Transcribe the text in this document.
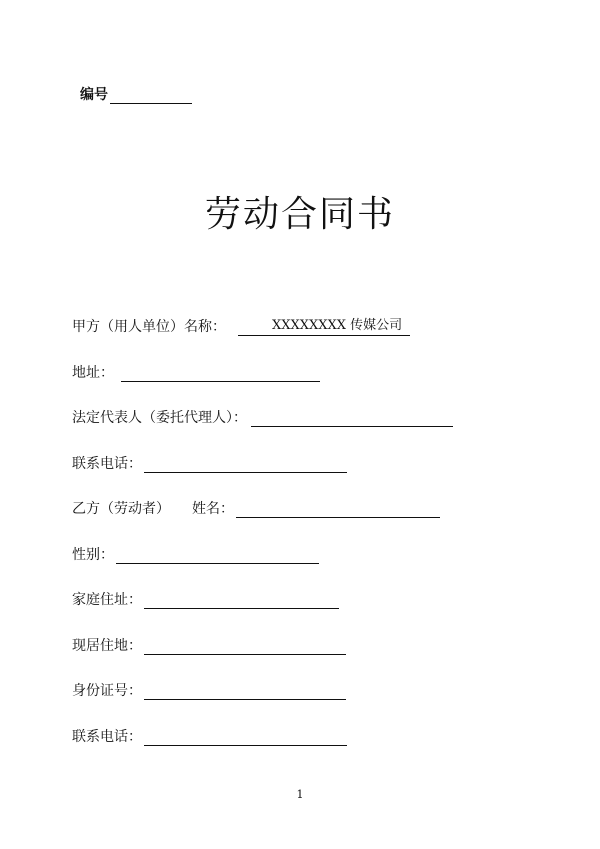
编号
劳动合同书
甲方（用人单位）名称：	XXXXXXXX 传媒公司
地址：
法定代表人（委托代理人）：
联系电话：
乙方（劳动者） 姓名：
性别：
家庭住址：
现居住地：
身份证号：
联系电话：
1
